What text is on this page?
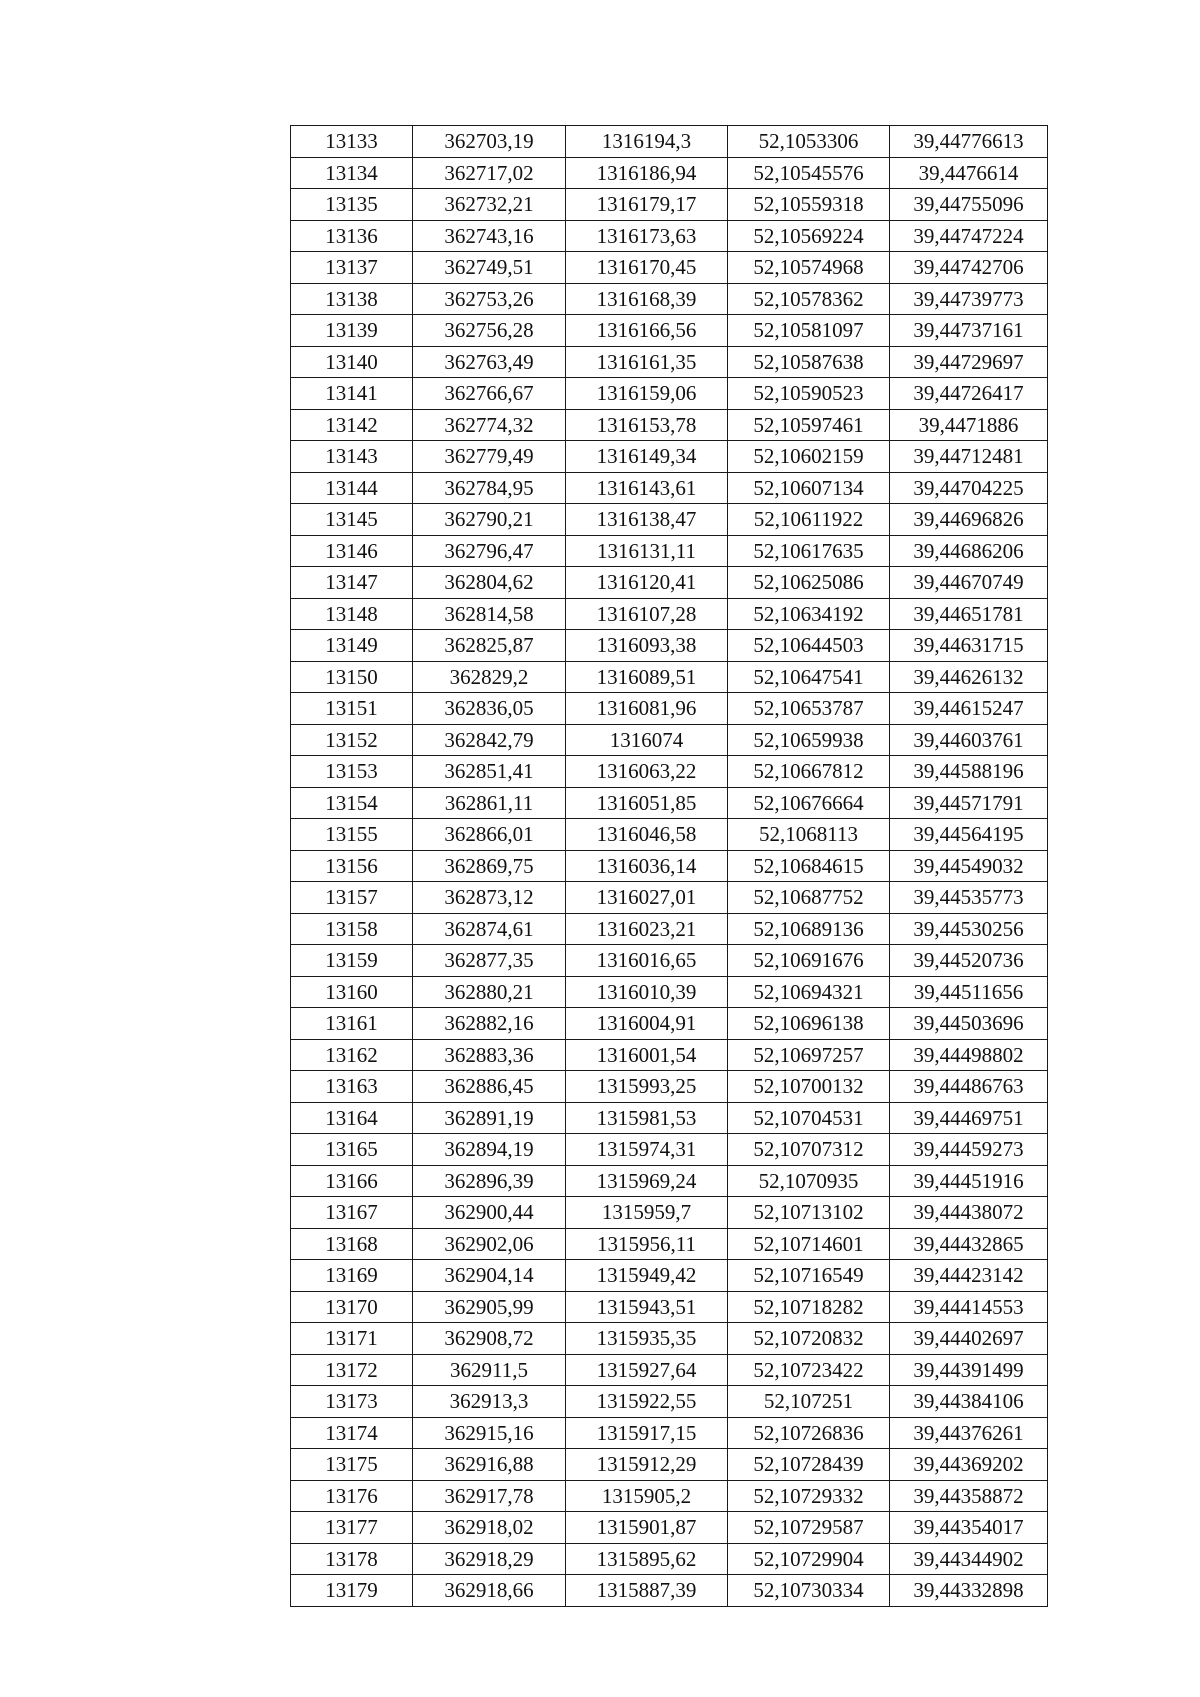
13133	362703,19	1316194,3	52,1053306	39,44776613
13134	362717,02	1316186,94	52,10545576	39,4476614
13135	362732,21	1316179,17	52,10559318	39,44755096
13136	362743,16	1316173,63	52,10569224	39,44747224
13137	362749,51	1316170,45	52,10574968	39,44742706
13138	362753,26	1316168,39	52,10578362	39,44739773
13139	362756,28	1316166,56	52,10581097	39,44737161
13140	362763,49	1316161,35	52,10587638	39,44729697
13141	362766,67	1316159,06	52,10590523	39,44726417
13142	362774,32	1316153,78	52,10597461	39,4471886
13143	362779,49	1316149,34	52,10602159	39,44712481
13144	362784,95	1316143,61	52,10607134	39,44704225
13145	362790,21	1316138,47	52,10611922	39,44696826
13146	362796,47	1316131,11	52,10617635	39,44686206
13147	362804,62	1316120,41	52,10625086	39,44670749
13148	362814,58	1316107,28	52,10634192	39,44651781
13149	362825,87	1316093,38	52,10644503	39,44631715
13150	362829,2	1316089,51	52,10647541	39,44626132
13151	362836,05	1316081,96	52,10653787	39,44615247
13152	362842,79	1316074	52,10659938	39,44603761
13153	362851,41	1316063,22	52,10667812	39,44588196
13154	362861,11	1316051,85	52,10676664	39,44571791
13155	362866,01	1316046,58	52,1068113	39,44564195
13156	362869,75	1316036,14	52,10684615	39,44549032
13157	362873,12	1316027,01	52,10687752	39,44535773
13158	362874,61	1316023,21	52,10689136	39,44530256
13159	362877,35	1316016,65	52,10691676	39,44520736
13160	362880,21	1316010,39	52,10694321	39,44511656
13161	362882,16	1316004,91	52,10696138	39,44503696
13162	362883,36	1316001,54	52,10697257	39,44498802
13163	362886,45	1315993,25	52,10700132	39,44486763
13164	362891,19	1315981,53	52,10704531	39,44469751
13165	362894,19	1315974,31	52,10707312	39,44459273
13166	362896,39	1315969,24	52,1070935	39,44451916
13167	362900,44	1315959,7	52,10713102	39,44438072
13168	362902,06	1315956,11	52,10714601	39,44432865
13169	362904,14	1315949,42	52,10716549	39,44423142
13170	362905,99	1315943,51	52,10718282	39,44414553
13171	362908,72	1315935,35	52,10720832	39,44402697
13172	362911,5	1315927,64	52,10723422	39,44391499
13173	362913,3	1315922,55	52,107251	39,44384106
13174	362915,16	1315917,15	52,10726836	39,44376261
13175	362916,88	1315912,29	52,10728439	39,44369202
13176	362917,78	1315905,2	52,10729332	39,44358872
13177	362918,02	1315901,87	52,10729587	39,44354017
13178	362918,29	1315895,62	52,10729904	39,44344902
13179	362918,66	1315887,39	52,10730334	39,44332898
